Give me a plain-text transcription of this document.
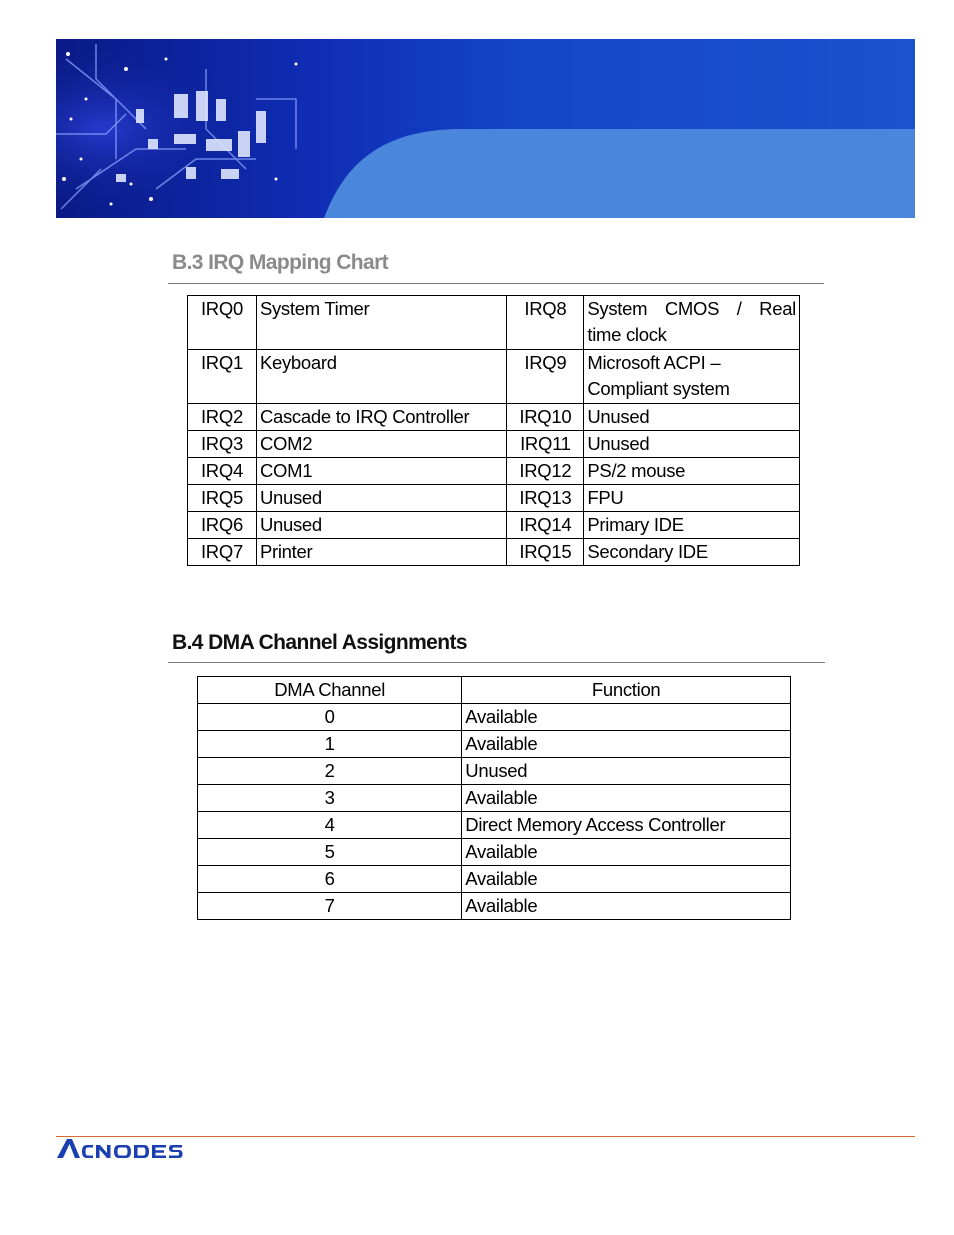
B.3 IRQ Mapping Chart
IRQ0	System Timer	IRQ8	System CMOS / Real time clock
IRQ1	Keyboard	IRQ9	Microsoft ACPI – Compliant system
IRQ2	Cascade to IRQ Controller	IRQ10	Unused
IRQ3	COM2	IRQ11	Unused
IRQ4	COM1	IRQ12	PS/2 mouse
IRQ5	Unused	IRQ13	FPU
IRQ6	Unused	IRQ14	Primary IDE
IRQ7	Printer	IRQ15	Secondary IDE
B.4 DMA Channel Assignments
DMA Channel	Function
0	Available
1	Available
2	Unused
3	Available
4	Direct Memory Access Controller
5	Available
6	Available
7	Available
